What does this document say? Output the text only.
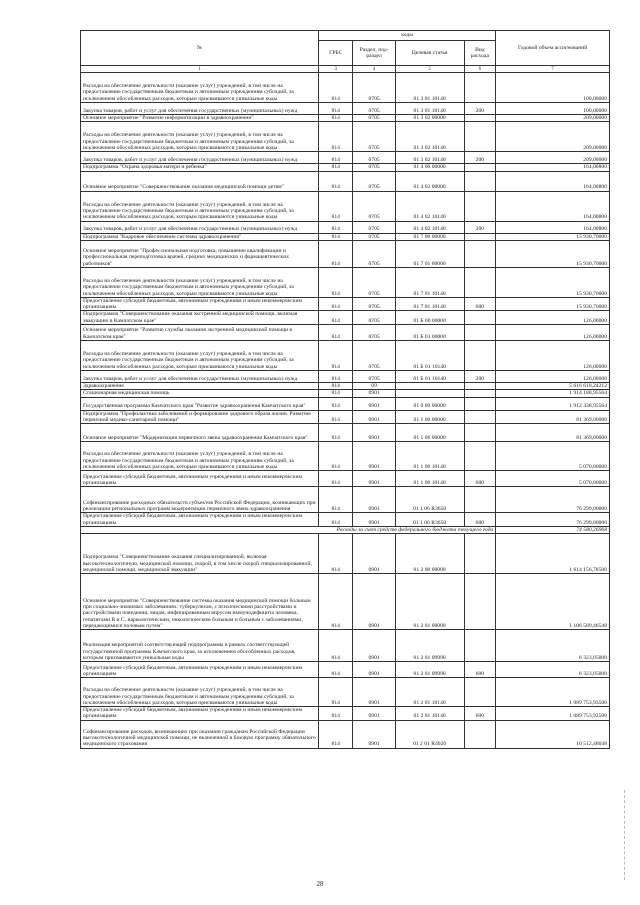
№	коды				Годовой объем ассигнований
	ГРБС	Раздел, под-раздел	Целевая статья	Вид расхода	
1	3	4	5	6	7
Расходы на обеспечение деятельности (оказание услуг) учреждений, в том числе на предоставление государственным бюджетным и автономным учреждениям субсидий, за исключением обособленных расходов, которым присваиваются уникальные коды	814	0705	01 3 01 10140		100,00000
Закупка товаров, работ и услуг для обеспечения государственных (муниципальных) нужд	814	0705	01 3 01 10140	200	100,00000
Основное мероприятие "Развитие информатизации в здравоохранении"	814	0705	01 3 02 00000		209,00000
Расходы на обеспечение деятельности (оказание услуг) учреждений, в том числе на предоставление государственным бюджетным и автономным учреждениям субсидий, за исключением обособленных расходов, которым присваиваются уникальные коды	814	0705	01 3 02 10140		209,00000
Закупка товаров, работ и услуг для обеспечения государственных (муниципальных) нужд	814	0705	01 3 02 10140	200	209,00000
Подпрограмма "Охрана здоровья матери и ребенка"	814	0705	01 4 00 00000		164,00800
Основное мероприятие "Совершенствование оказания медицинской помощи детям"	814	0705	01 4 02 00000		164,00800
Расходы на обеспечение деятельности (оказание услуг) учреждений, в том числе на предоставление государственным бюджетным и автономным учреждениям субсидий, за исключением обособленных расходов, которым присваиваются уникальные коды	814	0705	01 4 02 10140		164,00800
Закупка товаров, работ и услуг для обеспечения государственных (муниципальных) нужд	814	0705	01 4 02 10140	200	164,00800
Подпрограмма "Кадровое обеспечение системы здравоохранения"	814	0705	01 7 00 00000		15 930,70000
Основное мероприятие "Профессиональная подготовка, повышение квалификации и профессиональная переподготовка врачей, средних медицинских и фармацевтических работников"	814	0705	01 7 01 00000		15 930,70000
Расходы на обеспечение деятельности (оказание услуг) учреждений, в том числе на предоставление государственным бюджетным и автономным учреждениям субсидий, за исключением обособленных расходов, которым присваиваются уникальные коды	814	0705	01 7 01 10140		15 930,70000
Предоставление субсидий бюджетным, автономным учреждениям и иным некоммерческим организациям	814	0705	01 7 01 10140	600	15 930,70000
Подпрограмма "Совершенствование оказания экстренной медицинской помощи, включая эвакуацию в Камчатском крае"	814	0705	01 Б 00 00000		126,00000
Основное мероприятие "Развитие службы оказания экстренной медицинской помощи в Камчатском крае"	814	0705	01 Б 01 00000		126,00000
Расходы на обеспечение деятельности (оказание услуг) учреждений, в том числе на предоставление государственным бюджетным и автономным учреждениям субсидий, за исключением обособленных расходов, которым присваиваются уникальные коды	814	0705	01 Б 01 10140		126,00000
Закупка товаров, работ и услуг для обеспечения государственных (муниципальных) нужд	814	0705	01 Б 01 10140	200	126,00000
Здравоохранение	814	09			5 616 618,24212
Стационарная медицинская помощь	814	0901			1 914 188,95564
Государственная программа Камчатского края "Развитие здравоохранения Камчатского края"	814	0901	01 0 00 00000		1 912 438,95564
Подпрограмма "Профилактика заболеваний и формирование здорового образа жизни. Развитие первичной медико-санитарной помощи"	814	0901	01 1 00 00000		81 369,00000
Основное мероприятие "Модернизация первичного звена здравоохранения Камчатского края"	814	0901	01 1 06 00000		81 369,00000
Расходы на обеспечение деятельности (оказание услуг) учреждений, в том числе на предоставление государственным бюджетным и автономным учреждениям субсидий, за исключением обособленных расходов, которым присваиваются уникальные коды	814	0901	01 1 06 10140		5 070,00000
Предоставление субсидий бюджетным, автономным учреждениям и иным некоммерческим организациям	814	0901	01 1 06 10140	600	5 070,00000
Софинансирование расходных обязательств субъектов Российской Федерации, возникающих при реализации региональных программ модернизации первичного звена здравоохранения	814	0901	01 1 06 R3650		76 299,00000
Предоставление субсидий бюджетным, автономным учреждениям и иным некоммерческим организациям	814	0901	01 1 06 R3650	600	76 299,00000
Расходы за счет средств федерального бюджета текущего года					74 580,26968
Подпрограмма "Совершенствование оказания специализированной, включая высокотехнологичную, медицинской помощи, скорой, в том числе скорой специализированной, медицинской помощи, медицинской эвакуации"	814	0901	01 2 00 00000		1 614 156,78500
Основное мероприятие "Совершенствование системы оказания медицинской помощи больным при социально-значимых заболеваниях: туберкулезом, с психическими расстройствами и расстройствами поведения, лицам, инфицированным вирусом иммунодефицита человека, гепатитами В и С, наркологическим, онкологическим больным и больным с заболеваниями, передающимися половым путем"	814	0901	01 2 01 00000		1 106 589,46548
Реализация мероприятий соответствующей подпрограммы в рамках соответствующей государственной программы Камчатского края, за исключением обособленных расходов, которым присваиваются уникальные коды	814	0901	01 2 01 09990		6 323,05000
Предоставление субсидий бюджетным, автономным учреждениям и иным некоммерческим организациям	814	0901	01 2 01 09990	600	6 323,05000
Расходы на обеспечение деятельности (оказание услуг) учреждений, в том числе на предоставление государственным бюджетным и автономным учреждениям субсидий, за исключением обособленных расходов, которым присваиваются уникальные коды	814	0901	01 2 01 10140		1 089 753,93500
Предоставление субсидий бюджетным, автономным учреждениям и иным некоммерческим организациям	814	0901	01 2 01 10140	600	1 089 753,93500
Софинансирование расходов, возникающих при оказании гражданам Российской Федерации высокотехнологичной медицинской помощи, не включенной в базовую программу обязательного медицинского страхования	814	0901	01 2 01 R4020		10 512,48048
28
